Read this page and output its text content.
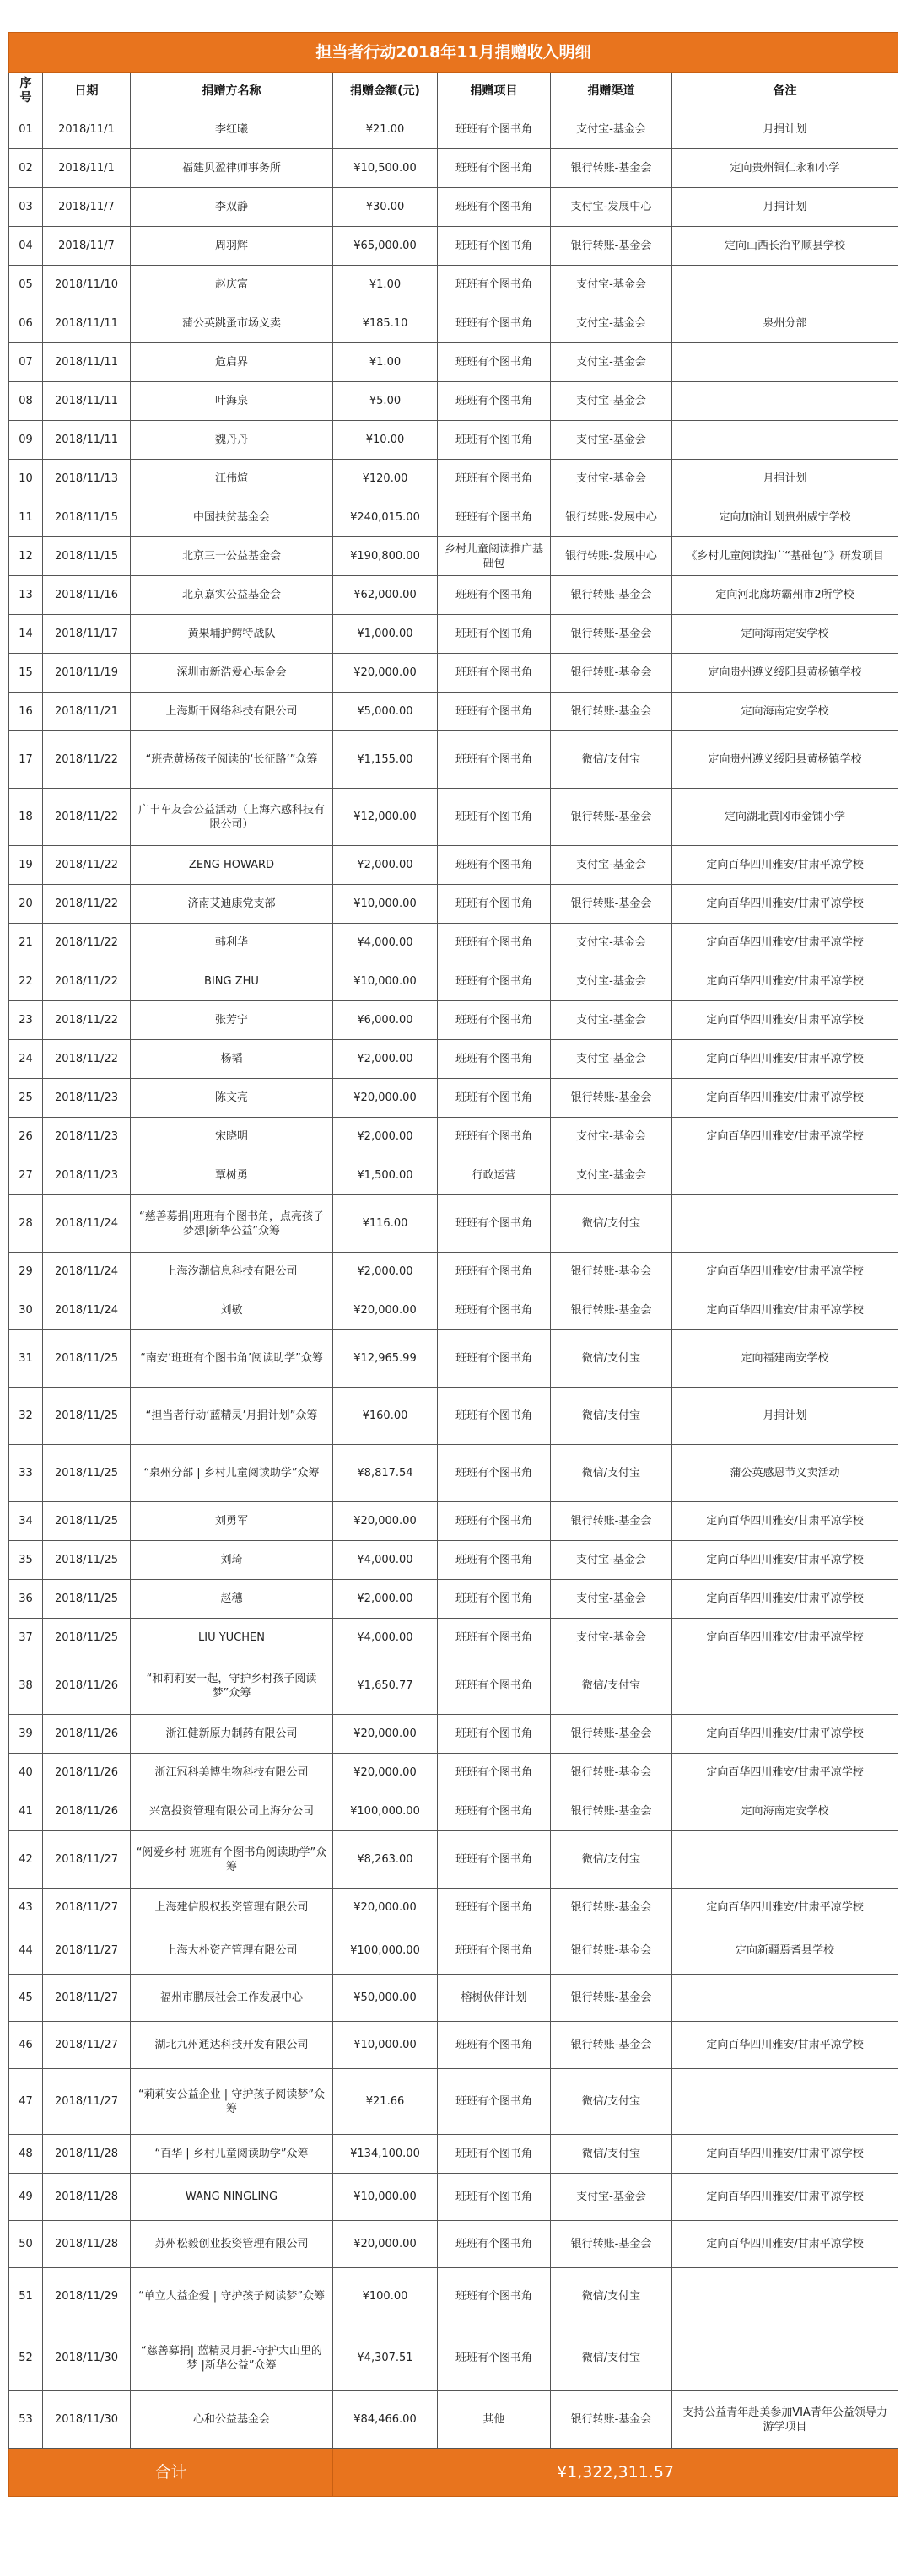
担当者行动2018年11月捐赠收入明细						
序号	日期	捐赠方名称	捐赠金额(元)	捐赠项目	捐赠渠道	备注
01	2018/11/1	李红曦	¥21.00	班班有个图书角	支付宝-基金会	月捐计划
02	2018/11/1	福建贝盈律师事务所	¥10,500.00	班班有个图书角	银行转账-基金会	定向贵州铜仁永和小学
03	2018/11/7	李双静	¥30.00	班班有个图书角	支付宝-发展中心	月捐计划
04	2018/11/7	周羽辉	¥65,000.00	班班有个图书角	银行转账-基金会	定向山西长治平顺县学校
05	2018/11/10	赵庆富	¥1.00	班班有个图书角	支付宝-基金会	
06	2018/11/11	蒲公英跳蚤市场义卖	¥185.10	班班有个图书角	支付宝-基金会	泉州分部
07	2018/11/11	危启界	¥1.00	班班有个图书角	支付宝-基金会	
08	2018/11/11	叶海泉	¥5.00	班班有个图书角	支付宝-基金会	
09	2018/11/11	魏丹丹	¥10.00	班班有个图书角	支付宝-基金会	
10	2018/11/13	江伟煊	¥120.00	班班有个图书角	支付宝-基金会	月捐计划
11	2018/11/15	中国扶贫基金会	¥240,015.00	班班有个图书角	银行转账-发展中心	定向加油计划贵州威宁学校
12	2018/11/15	北京三一公益基金会	¥190,800.00	乡村儿童阅读推广基础包	银行转账-发展中心	《乡村儿童阅读推广“基础包”》研发项目
13	2018/11/16	北京嘉实公益基金会	¥62,000.00	班班有个图书角	银行转账-基金会	定向河北廊坊霸州市2所学校
14	2018/11/17	黄果埔护鳄特战队	¥1,000.00	班班有个图书角	银行转账-基金会	定向海南定安学校
15	2018/11/19	深圳市新浩爱心基金会	¥20,000.00	班班有个图书角	银行转账-基金会	定向贵州遵义绥阳县黄杨镇学校
16	2018/11/21	上海斯干网络科技有限公司	¥5,000.00	班班有个图书角	银行转账-基金会	定向海南定安学校
17	2018/11/22	“班壳黄杨孩子阅读的‘长征路’”众筹	¥1,155.00	班班有个图书角	微信/支付宝	定向贵州遵义绥阳县黄杨镇学校
18	2018/11/22	广丰车友会公益活动（上海六感科技有限公司）	¥12,000.00	班班有个图书角	银行转账-基金会	定向湖北黄冈市金铺小学
19	2018/11/22	ZENG HOWARD	¥2,000.00	班班有个图书角	支付宝-基金会	定向百华四川雅安/甘肃平凉学校
20	2018/11/22	济南艾迪康党支部	¥10,000.00	班班有个图书角	银行转账-基金会	定向百华四川雅安/甘肃平凉学校
21	2018/11/22	韩利华	¥4,000.00	班班有个图书角	支付宝-基金会	定向百华四川雅安/甘肃平凉学校
22	2018/11/22	BING ZHU	¥10,000.00	班班有个图书角	支付宝-基金会	定向百华四川雅安/甘肃平凉学校
23	2018/11/22	张芳宁	¥6,000.00	班班有个图书角	支付宝-基金会	定向百华四川雅安/甘肃平凉学校
24	2018/11/22	杨韬	¥2,000.00	班班有个图书角	支付宝-基金会	定向百华四川雅安/甘肃平凉学校
25	2018/11/23	陈文亮	¥20,000.00	班班有个图书角	银行转账-基金会	定向百华四川雅安/甘肃平凉学校
26	2018/11/23	宋晓明	¥2,000.00	班班有个图书角	支付宝-基金会	定向百华四川雅安/甘肃平凉学校
27	2018/11/23	覃树勇	¥1,500.00	行政运营	支付宝-基金会	
28	2018/11/24	“慈善募捐|班班有个图书角，点亮孩子梦想|新华公益”众筹	¥116.00	班班有个图书角	微信/支付宝	
29	2018/11/24	上海汐潮信息科技有限公司	¥2,000.00	班班有个图书角	银行转账-基金会	定向百华四川雅安/甘肃平凉学校
30	2018/11/24	刘敏	¥20,000.00	班班有个图书角	银行转账-基金会	定向百华四川雅安/甘肃平凉学校
31	2018/11/25	“南安‘班班有个图书角’阅读助学”众筹	¥12,965.99	班班有个图书角	微信/支付宝	定向福建南安学校
32	2018/11/25	“担当者行动‘蓝精灵’月捐计划”众筹	¥160.00	班班有个图书角	微信/支付宝	月捐计划
33	2018/11/25	“泉州分部 | 乡村儿童阅读助学”众筹	¥8,817.54	班班有个图书角	微信/支付宝	蒲公英感恩节义卖活动
34	2018/11/25	刘勇军	¥20,000.00	班班有个图书角	银行转账-基金会	定向百华四川雅安/甘肃平凉学校
35	2018/11/25	刘琦	¥4,000.00	班班有个图书角	支付宝-基金会	定向百华四川雅安/甘肃平凉学校
36	2018/11/25	赵穗	¥2,000.00	班班有个图书角	支付宝-基金会	定向百华四川雅安/甘肃平凉学校
37	2018/11/25	LIU YUCHEN	¥4,000.00	班班有个图书角	支付宝-基金会	定向百华四川雅安/甘肃平凉学校
38	2018/11/26	“和莉莉安一起，守护乡村孩子阅读梦”众筹	¥1,650.77	班班有个图书角	微信/支付宝	
39	2018/11/26	浙江健新原力制药有限公司	¥20,000.00	班班有个图书角	银行转账-基金会	定向百华四川雅安/甘肃平凉学校
40	2018/11/26	浙江冠科美博生物科技有限公司	¥20,000.00	班班有个图书角	银行转账-基金会	定向百华四川雅安/甘肃平凉学校
41	2018/11/26	兴富投资管理有限公司上海分公司	¥100,000.00	班班有个图书角	银行转账-基金会	定向海南定安学校
42	2018/11/27	“阅爱乡村 班班有个图书角阅读助学”众筹	¥8,263.00	班班有个图书角	微信/支付宝	
43	2018/11/27	上海建信股权投资管理有限公司	¥20,000.00	班班有个图书角	银行转账-基金会	定向百华四川雅安/甘肃平凉学校
44	2018/11/27	上海大朴资产管理有限公司	¥100,000.00	班班有个图书角	银行转账-基金会	定向新疆焉耆县学校
45	2018/11/27	福州市鹏辰社会工作发展中心	¥50,000.00	榕树伙伴计划	银行转账-基金会	
46	2018/11/27	湖北九州通达科技开发有限公司	¥10,000.00	班班有个图书角	银行转账-基金会	定向百华四川雅安/甘肃平凉学校
47	2018/11/27	“莉莉安公益企业 | 守护孩子阅读梦”众筹	¥21.66	班班有个图书角	微信/支付宝	
48	2018/11/28	“百华 | 乡村儿童阅读助学”众筹	¥134,100.00	班班有个图书角	微信/支付宝	定向百华四川雅安/甘肃平凉学校
49	2018/11/28	WANG NINGLING	¥10,000.00	班班有个图书角	支付宝-基金会	定向百华四川雅安/甘肃平凉学校
50	2018/11/28	苏州松毅创业投资管理有限公司	¥20,000.00	班班有个图书角	银行转账-基金会	定向百华四川雅安/甘肃平凉学校
51	2018/11/29	“单立人益企爱 | 守护孩子阅读梦”众筹	¥100.00	班班有个图书角	微信/支付宝	
52	2018/11/30	“慈善募捐| 蓝精灵月捐-守护大山里的梦 |新华公益”众筹	¥4,307.51	班班有个图书角	微信/支付宝	
53	2018/11/30	心和公益基金会	¥84,466.00	其他	银行转账-基金会	支持公益青年赴美参加VIA青年公益领导力游学项目
合计			¥1,322,311.57			
